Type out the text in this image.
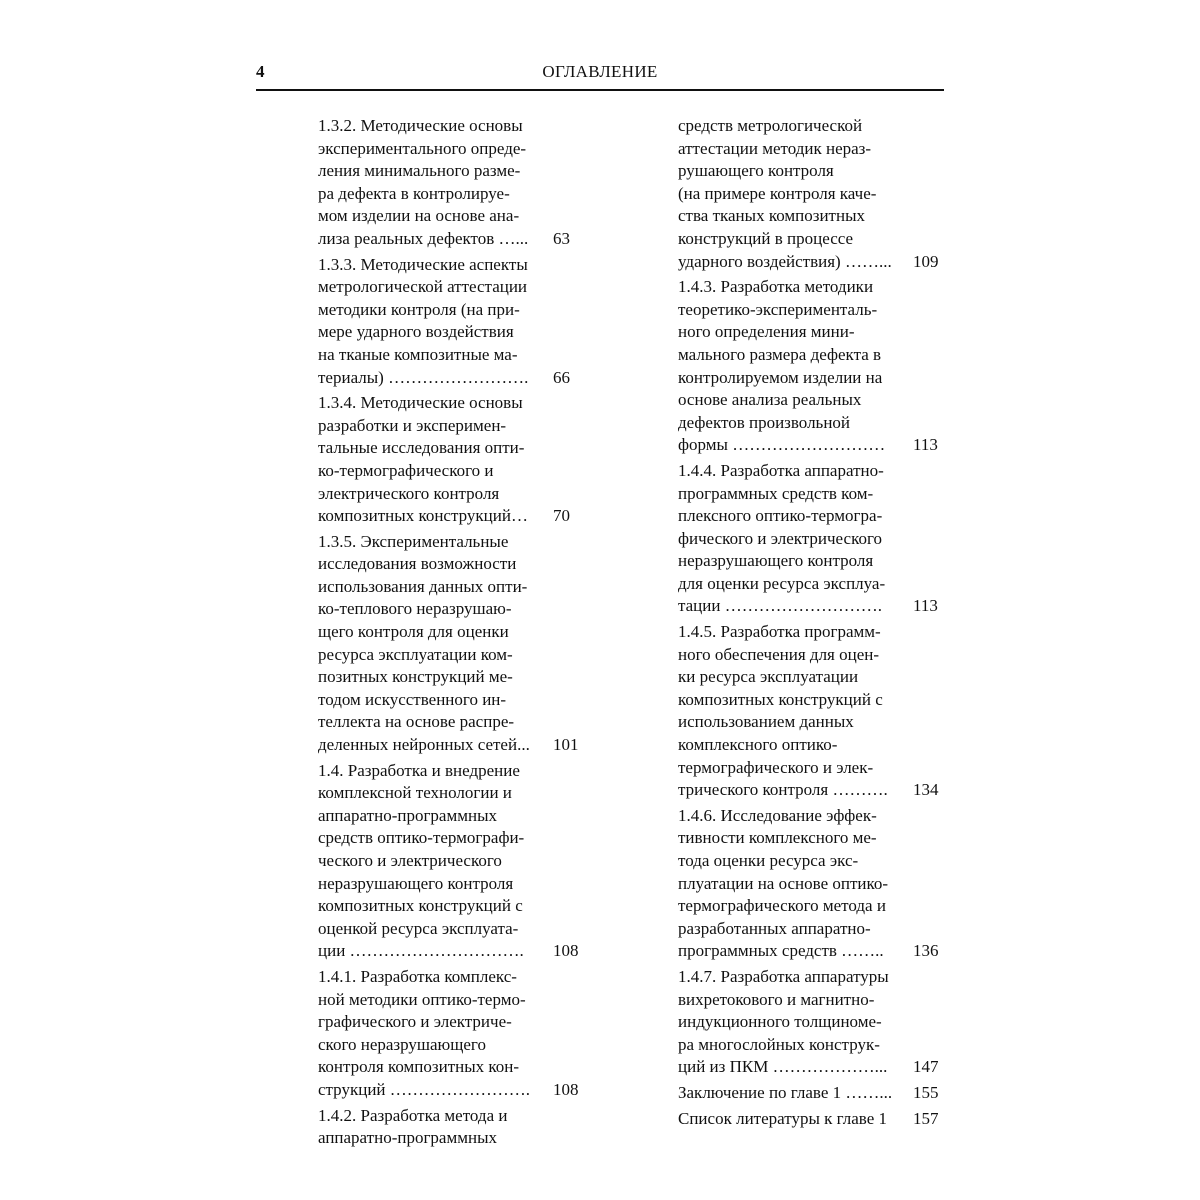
4	ОГЛАВЛЕНИЕ
1.3.2. Методические основы
экспериментального опреде-
ления минимального разме-
ра дефекта в контролируе-
мом изделии на основе ана-
лиза реальных дефектов …...	63
1.3.3. Методические аспекты
метрологической аттестации
методики контроля (на при-
мере ударного воздействия
на тканые композитные ма-
териалы) …………………….	66
1.3.4. Методические основы
разработки и эксперимен-
тальные исследования опти-
ко-термографического и
электрического контроля
композитных конструкций…	70
1.3.5. Экспериментальные
исследования возможности
использования данных опти-
ко-теплового неразрушаю-
щего контроля для оценки
ресурса эксплуатации ком-
позитных конструкций ме-
тодом искусственного ин-
теллекта на основе распре-
деленных нейронных сетей...	101
1.4. Разработка и внедрение
комплексной технологии и
аппаратно-программных
средств оптико-термографи-
ческого и электрического
неразрушающего контроля
композитных конструкций с
оценкой ресурса эксплуата-
ции ………………………….	108
1.4.1. Разработка комплекс-
ной методики оптико-термо-
графического и электриче-
ского неразрушающего
контроля композитных кон-
струкций …………………….	108
1.4.2. Разработка метода и
аппаратно-программных
средств метрологической
аттестации методик нераз-
рушающего контроля
(на примере контроля каче-
ства тканых композитных
конструкций в процессе
ударного воздействия) ……...	109
1.4.3. Разработка методики
теоретико-эксперименталь-
ного определения мини-
мального размера дефекта в
контролируемом изделии на
основе анализа реальных
дефектов произвольной
формы ………………………	113
1.4.4. Разработка аппаратно-
программных средств ком-
плексного оптико-термогра-
фического и электрического
неразрушающего контроля
для оценки ресурса эксплуа-
тации ……………………….	113
1.4.5. Разработка программ-
ного обеспечения для оцен-
ки ресурса эксплуатации
композитных конструкций с
использованием данных
комплексного оптико-
термографического и элек-
трического контроля ……….	134
1.4.6. Исследование эффек-
тивности комплексного ме-
тода оценки ресурса экс-
плуатации на основе оптико-
термографического метода и
разработанных аппаратно-
программных средств ……..	136
1.4.7. Разработка аппаратуры
вихретокового и магнитно-
индукционного толщиноме-
ра многослойных конструк-
ций из ПКМ ………………...	147
Заключение по главе 1 ……...	155
Список литературы к главе 1	157
